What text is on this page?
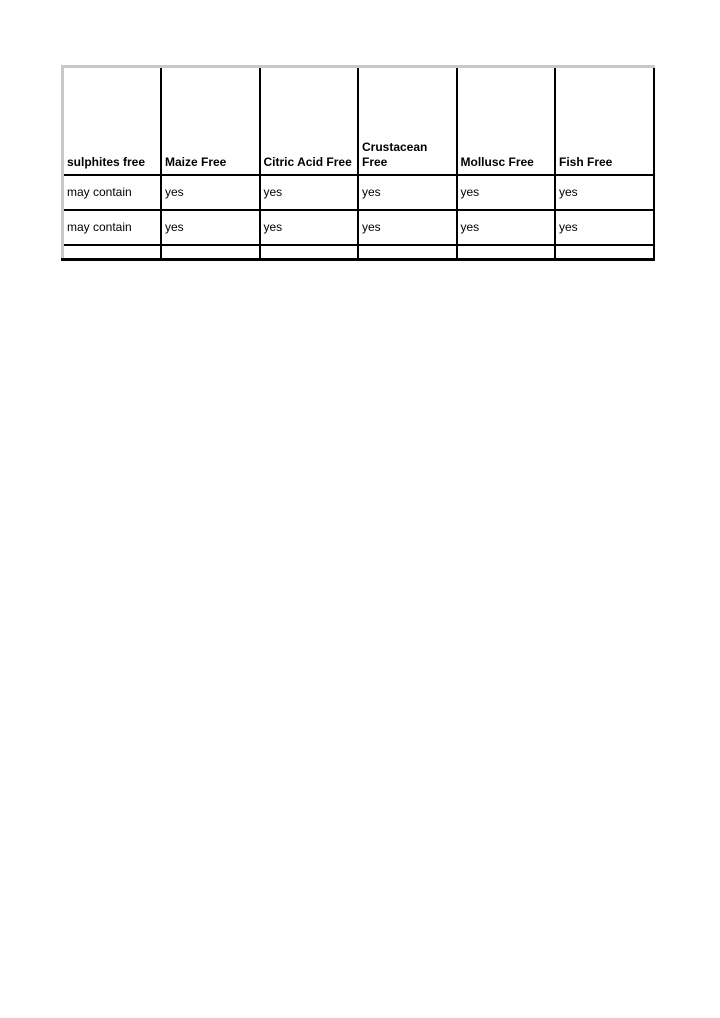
sulphites free	Maize Free	Citric Acid Free	Crustacean Free	Mollusc Free	Fish Free
may contain	yes	yes	yes	yes	yes
may contain	yes	yes	yes	yes	yes
